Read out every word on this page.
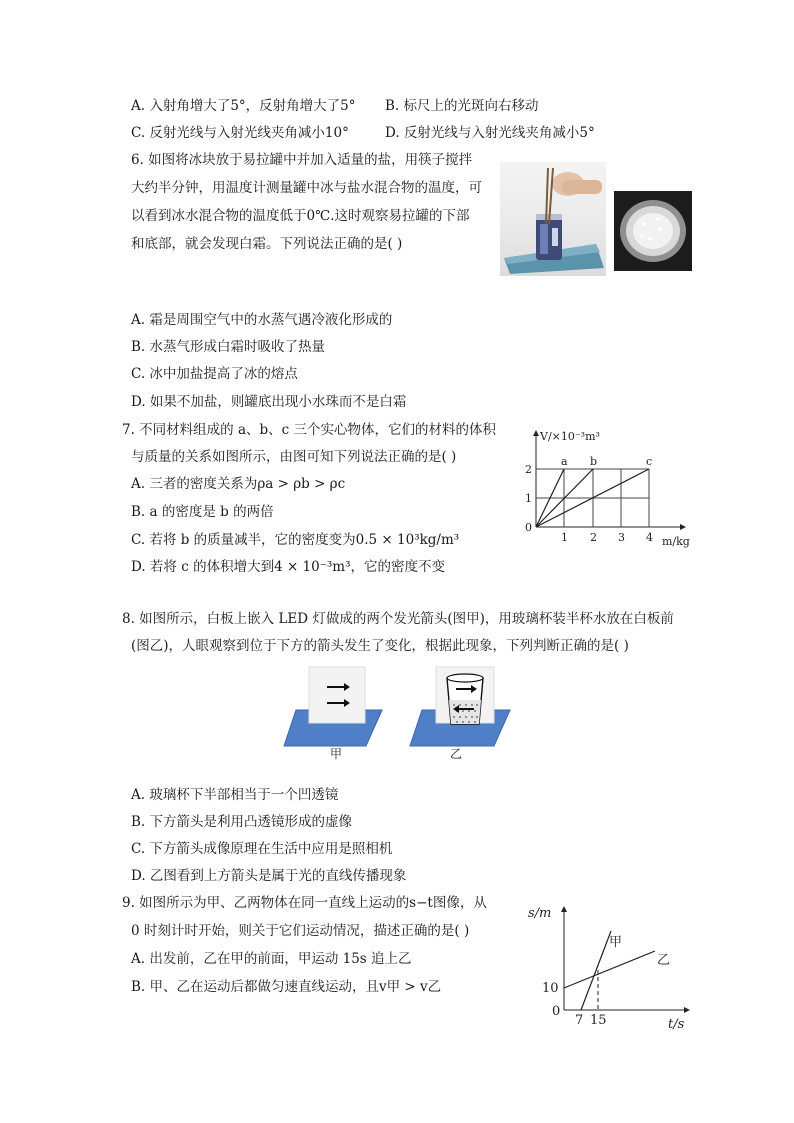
A. 入射角增大了5°，反射角增大了5° B. 标尺上的光斑向右移动
C. 反射光线与入射光线夹角减小10°	D. 反射光线与入射光线夹角减小5°
6. 如图将冰块放于易拉罐中并加入适量的盐，用筷子搅拌
大约半分钟，用温度计测量罐中冰与盐水混合物的温度，可
以看到冰水混合物的温度低于0℃.这时观察易拉罐的下部
和底部，就会发现白霜。下列说法正确的是( )
A. 霜是周围空气中的水蒸气遇冷液化形成的
B. 水蒸气形成白霜时吸收了热量
C. 冰中加盐提高了冰的熔点
D. 如果不加盐，则罐底出现小水珠而不是白霜
7. 不同材料组成的 a、b、c 三个实心物体，它们的材料的体积
与质量的关系如图所示，由图可知下列说法正确的是( )
A. 三者的密度关系为ρa > ρb > ρc
B. a 的密度是 b 的两倍
C. 若将 b 的质量减半，它的密度变为0.5 × 10³kg/m³
D. 若将 c 的体积增大到4 × 10⁻³m³，它的密度不变
V/×10⁻³m³
m/kg
2
1
0
1 2 3 4
a b	c
8. 如图所示，白板上嵌入 LED 灯做成的两个发光箭头(图甲)，用玻璃杯装半杯水放在白板前
(图乙)，人眼观察到位于下方的箭头发生了变化，根据此现象，下列判断正确的是( )
甲	乙
A. 玻璃杯下半部相当于一个凹透镜
B. 下方箭头是利用凸透镜形成的虚像
C. 下方箭头成像原理在生活中应用是照相机
D. 乙图看到上方箭头是属于光的直线传播现象
9. 如图所示为甲、乙两物体在同一直线上运动的s−t图像，从
0 时刻计时开始，则关于它们运动情况，描述正确的是( )
A. 出发前，乙在甲的前面，甲运动 15s 追上乙
B. 甲、乙在运动后都做匀速直线运动，且v甲 > v乙
s/m
t/s
10
0
7 15
甲
乙
